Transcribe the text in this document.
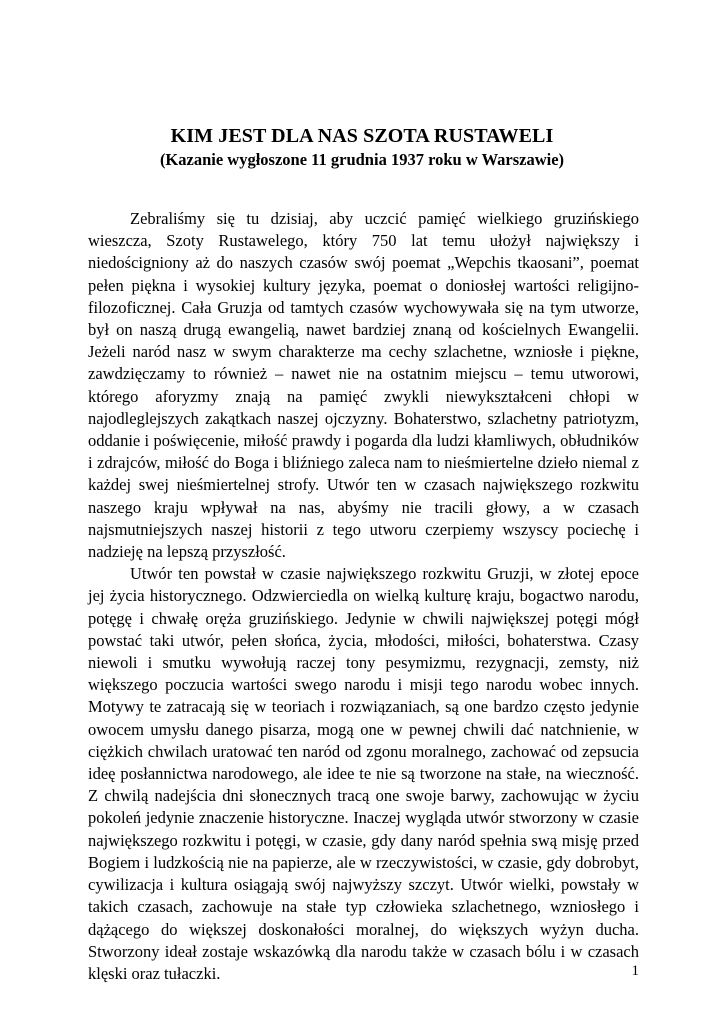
KIM JEST DLA NAS SZOTA RUSTAWELI
(Kazanie wygłoszone 11 grudnia 1937 roku w Warszawie)

Zebraliśmy się tu dzisiaj, aby uczcić pamięć wielkiego gruzińskiego wieszcza, Szoty Rustawelego, który 750 lat temu ułożył największy i niedościgniony aż do naszych czasów swój poemat „Wepchis tkaosani”, poemat pełen piękna i wysokiej kultury języka, poemat o doniosłej wartości religijno-filozoficznej. Cała Gruzja od tamtych czasów wychowywała się na tym utworze, był on naszą drugą ewangelią, nawet bardziej znaną od kościelnych Ewangelii. Jeżeli naród nasz w swym charakterze ma cechy szlachetne, wzniosłe i piękne, zawdzięczamy to również – nawet nie na ostatnim miejscu – temu utworowi, którego aforyzmy znają na pamięć zwykli niewykształceni chłopi w najodleglejszych zakątkach naszej ojczyzny. Bohaterstwo, szlachetny patriotyzm, oddanie i poświęcenie, miłość prawdy i pogarda dla ludzi kłamliwych, obłudników i zdrajców, miłość do Boga i bliźniego zaleca nam to nieśmiertelne dzieło niemal z każdej swej nieśmiertelnej strofy. Utwór ten w czasach największego rozkwitu naszego kraju wpływał na nas, abyśmy nie tracili głowy, a w czasach najsmutniejszych naszej historii z tego utworu czerpiemy wszyscy pociechę i nadzieję na lepszą przyszłość.

Utwór ten powstał w czasie największego rozkwitu Gruzji, w złotej epoce jej życia historycznego. Odzwierciedla on wielką kulturę kraju, bogactwo narodu, potęgę i chwałę oręża gruzińskiego. Jedynie w chwili największej potęgi mógł powstać taki utwór, pełen słońca, życia, młodości, miłości, bohaterstwa. Czasy niewoli i smutku wywołują raczej tony pesymizmu, rezygnacji, zemsty, niż większego poczucia wartości swego narodu i misji tego narodu wobec innych. Motywy te zatracają się w teoriach i rozwiązaniach, są one bardzo często jedynie owocem umysłu danego pisarza, mogą one w pewnej chwili dać natchnienie, w ciężkich chwilach uratować ten naród od zgonu moralnego, zachować od zepsucia ideę posłannictwa narodowego, ale idee te nie są tworzone na stałe, na wieczność. Z chwilą nadejścia dni słonecznych tracą one swoje barwy, zachowując w życiu pokoleń jedynie znaczenie historyczne. Inaczej wygląda utwór stworzony w czasie największego rozkwitu i potęgi, w czasie, gdy dany naród spełnia swą misję przed Bogiem i ludzkością nie na papierze, ale w rzeczywistości, w czasie, gdy dobrobyt, cywilizacja i kultura osiągają swój najwyższy szczyt. Utwór wielki, powstały w takich czasach, zachowuje na stałe typ człowieka szlachetnego, wzniosłego i dążącego do większej doskonałości moralnej, do większych wyżyn ducha. Stworzony ideał zostaje wskazówką dla narodu także w czasach bólu i w czasach klęski oraz tułaczki.	1
